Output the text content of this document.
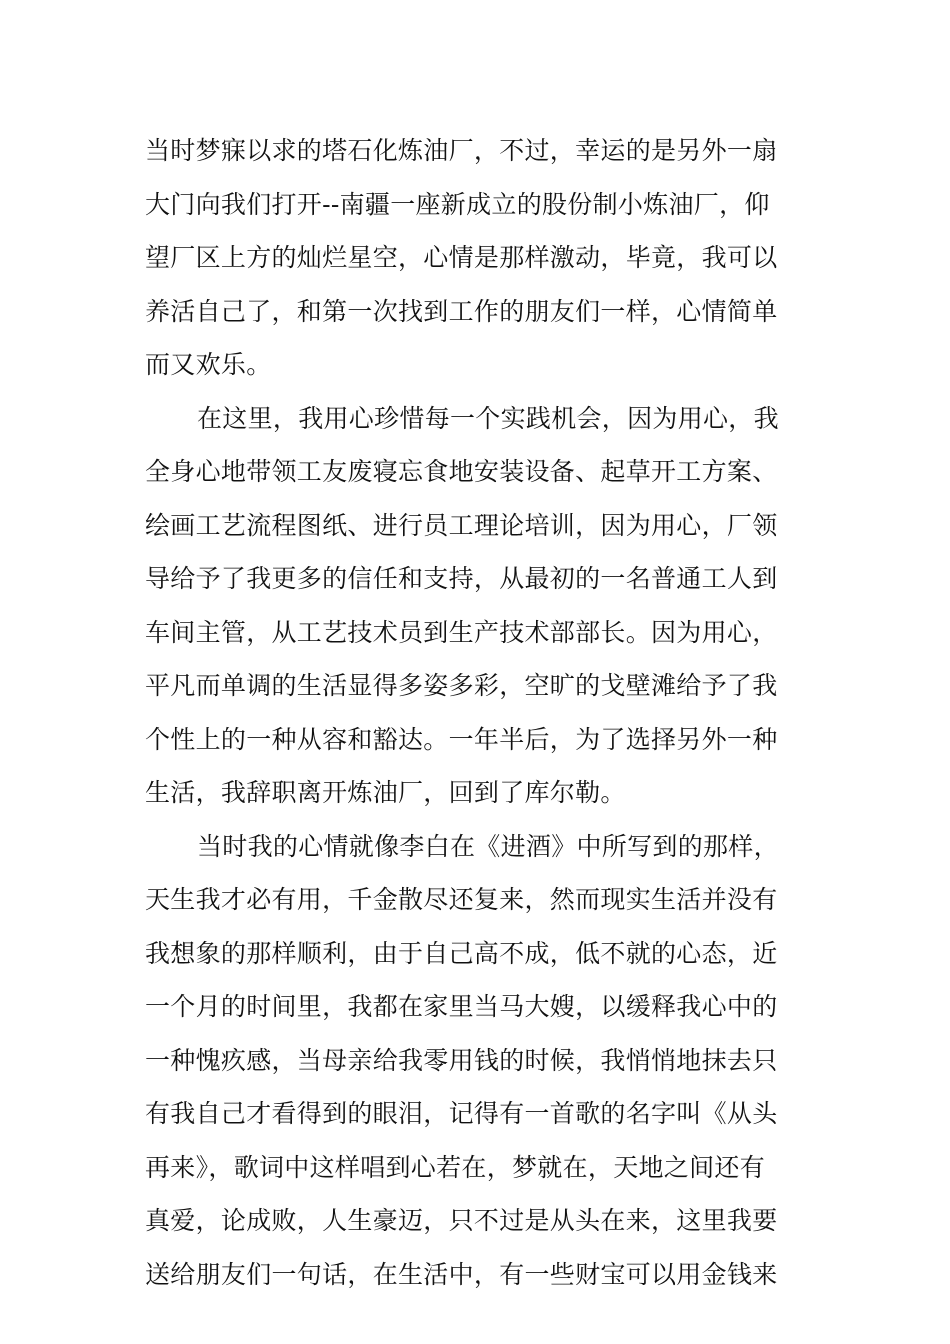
当时梦寐以求的塔石化炼油厂，不过，幸运的是另外一扇
大门向我们打开--南疆一座新成立的股份制小炼油厂，仰
望厂区上方的灿烂星空，心情是那样激动，毕竟，我可以
养活自己了，和第一次找到工作的朋友们一样，心情简单
而又欢乐。
在这里，我用心珍惜每一个实践机会，因为用心，我
全身心地带领工友废寝忘食地安装设备、起草开工方案、
绘画工艺流程图纸、进行员工理论培训，因为用心，厂领
导给予了我更多的信任和支持，从最初的一名普通工人到
车间主管，从工艺技术员到生产技术部部长。因为用心，
平凡而单调的生活显得多姿多彩，空旷的戈壁滩给予了我
个性上的一种从容和豁达。一年半后，为了选择另外一种
生活，我辞职离开炼油厂，回到了库尔勒。
当时我的心情就像李白在《进酒》中所写到的那样，
天生我才必有用，千金散尽还复来，然而现实生活并没有
我想象的那样顺利，由于自己高不成，低不就的心态，近
一个月的时间里，我都在家里当马大嫂，以缓释我心中的
一种愧疚感，当母亲给我零用钱的时候，我悄悄地抹去只
有我自己才看得到的眼泪，记得有一首歌的名字叫《从头
再来》，歌词中这样唱到心若在，梦就在，天地之间还有
真爱，论成败，人生豪迈，只不过是从头在来，这里我要
送给朋友们一句话，在生活中，有一些财宝可以用金钱来
